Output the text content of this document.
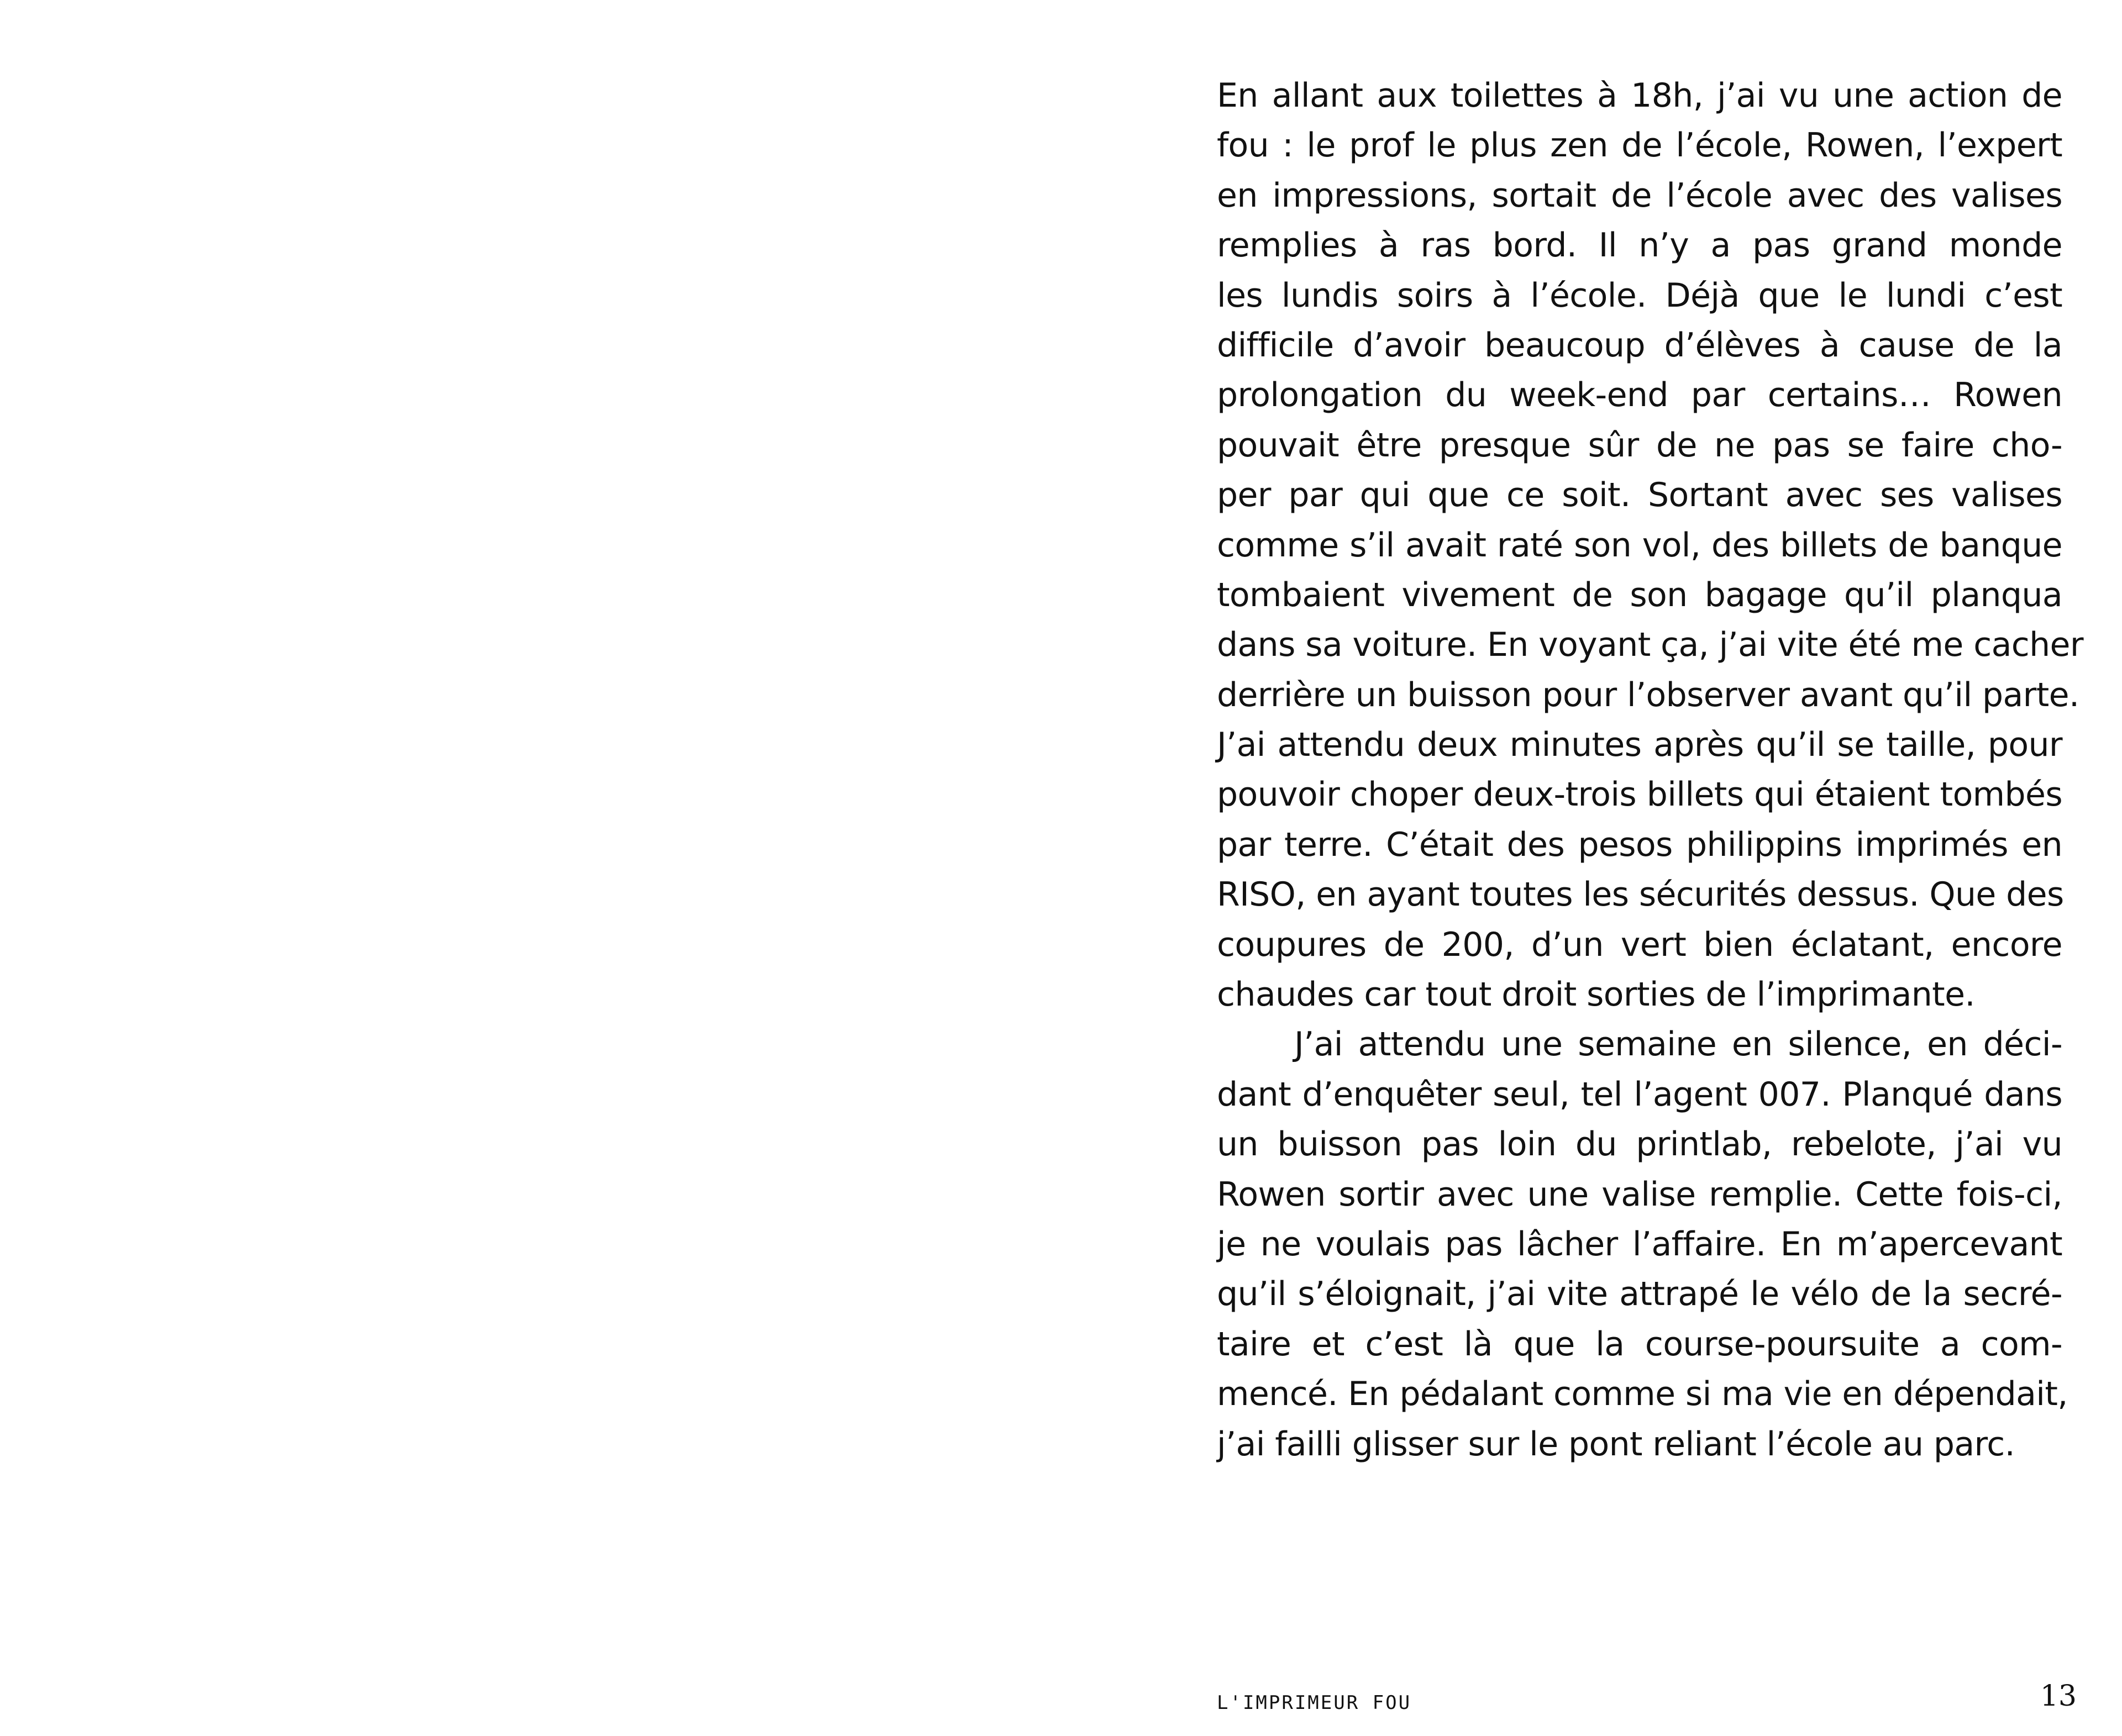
En allant aux toilettes à 18h, j’ai vu une action de
fou : le prof le plus zen de l’école, Rowen, l’expert
en impressions, sortait de l’école avec des valises
remplies à ras bord. Il n’y a pas grand monde
les lundis soirs à l’école. Déjà que le lundi c’est
difficile d’avoir beaucoup d’élèves à cause de la
prolongation du week-end par certains… Rowen
pouvait être presque sûr de ne pas se faire cho-
per par qui que ce soit. Sortant avec ses valises
comme s’il avait raté son vol, des billets de banque
tombaient vivement de son bagage qu’il planqua
dans sa voiture. En voyant ça, j’ai vite été me cacher
derrière un buisson pour l’observer avant qu’il parte.
J’ai attendu deux minutes après qu’il se taille, pour
pouvoir choper deux-trois billets qui étaient tombés
par terre. C’était des pesos philippins imprimés en
RISO, en ayant toutes les sécurités dessus. Que des
coupures de 200, d’un vert bien éclatant, encore
chaudes car tout droit sorties de l’imprimante.
J’ai attendu une semaine en silence, en déci-
dant d’enquêter seul, tel l’agent 007. Planqué dans
un buisson pas loin du printlab, rebelote, j’ai vu
Rowen sortir avec une valise remplie. Cette fois-ci,
je ne voulais pas lâcher l’affaire. En m’apercevant
qu’il s’éloignait, j’ai vite attrapé le vélo de la secré-
taire et c’est là que la course-poursuite a com-
mencé. En pédalant comme si ma vie en dépendait,
j’ai failli glisser sur le pont reliant l’école au parc.
L'IMPRIMEUR FOU	13
